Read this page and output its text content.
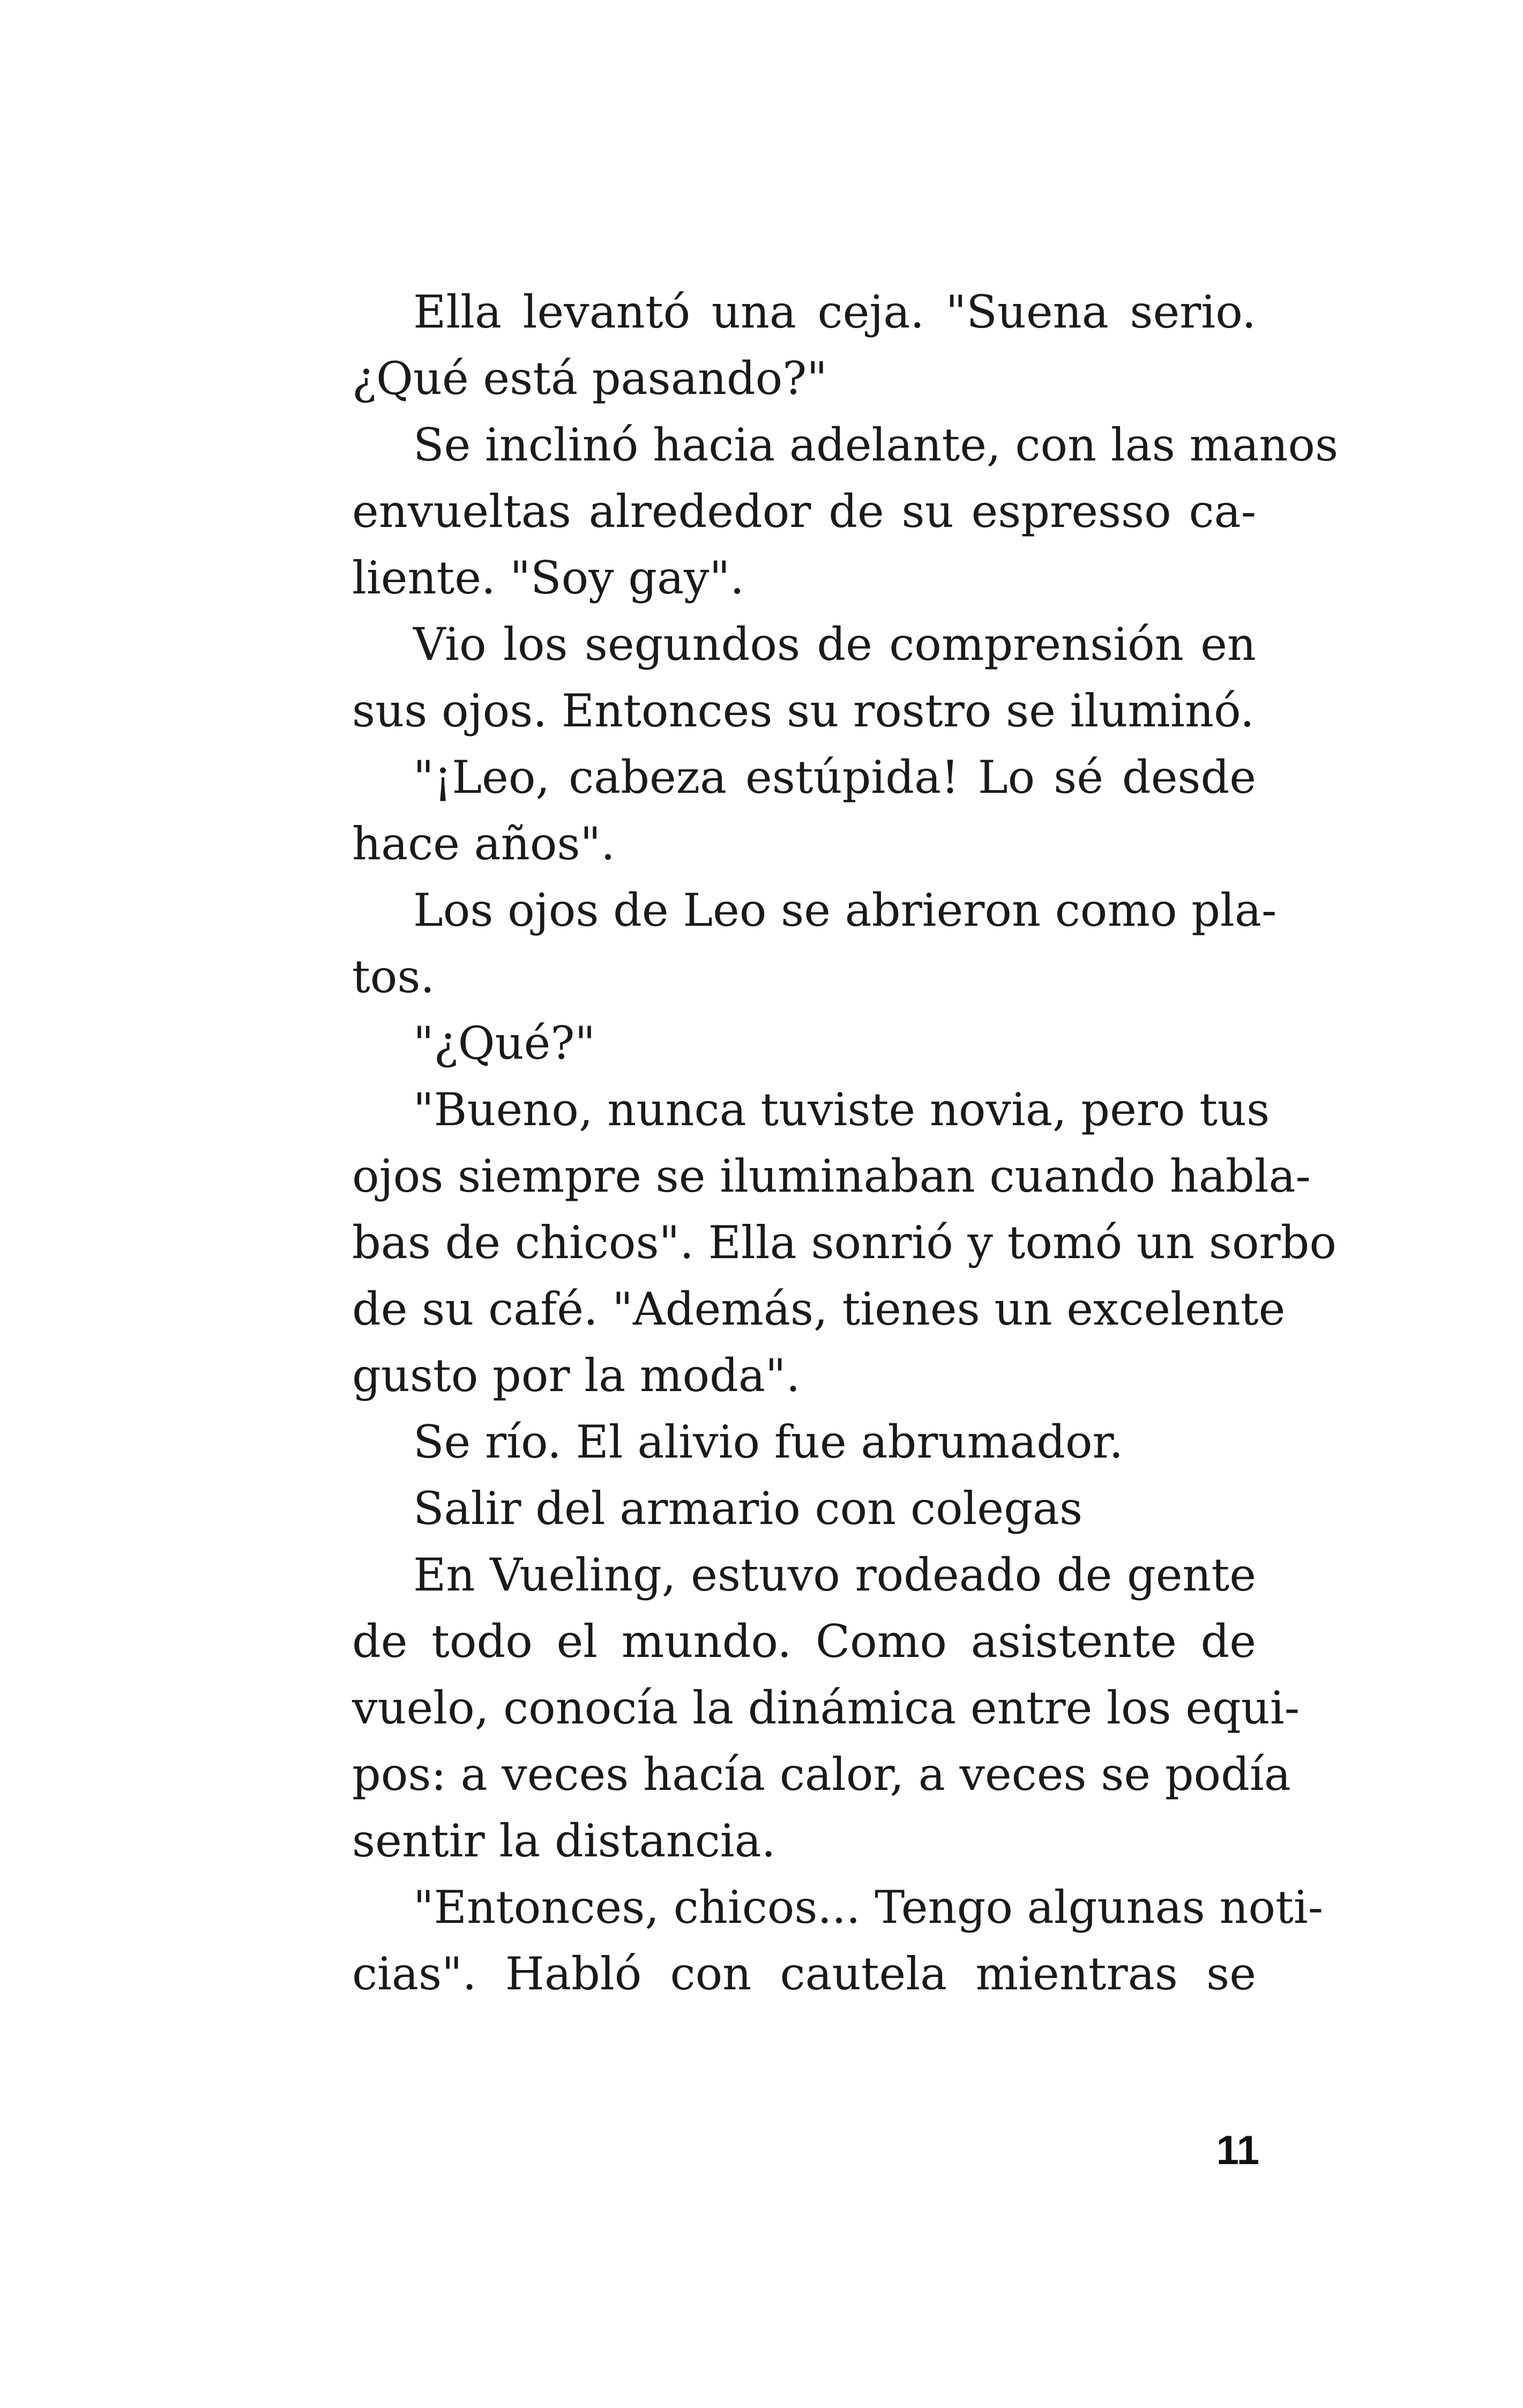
Ella levantó una ceja. "Suena serio.
¿Qué está pasando?"
Se inclinó hacia adelante, con las manos
envueltas alrededor de su espresso ca-
liente. "Soy gay".
Vio los segundos de comprensión en
sus ojos. Entonces su rostro se iluminó.
"¡Leo, cabeza estúpida! Lo sé desde
hace años".
Los ojos de Leo se abrieron como pla-
tos.
"¿Qué?"
"Bueno, nunca tuviste novia, pero tus
ojos siempre se iluminaban cuando habla-
bas de chicos". Ella sonrió y tomó un sorbo
de su café. "Además, tienes un excelente
gusto por la moda".
Se río. El alivio fue abrumador.
Salir del armario con colegas
En Vueling, estuvo rodeado de gente
de todo el mundo. Como asistente de
vuelo, conocía la dinámica entre los equi-
pos: a veces hacía calor, a veces se podía
sentir la distancia.
"Entonces, chicos... Tengo algunas noti-
cias". Habló con cautela mientras se
11
